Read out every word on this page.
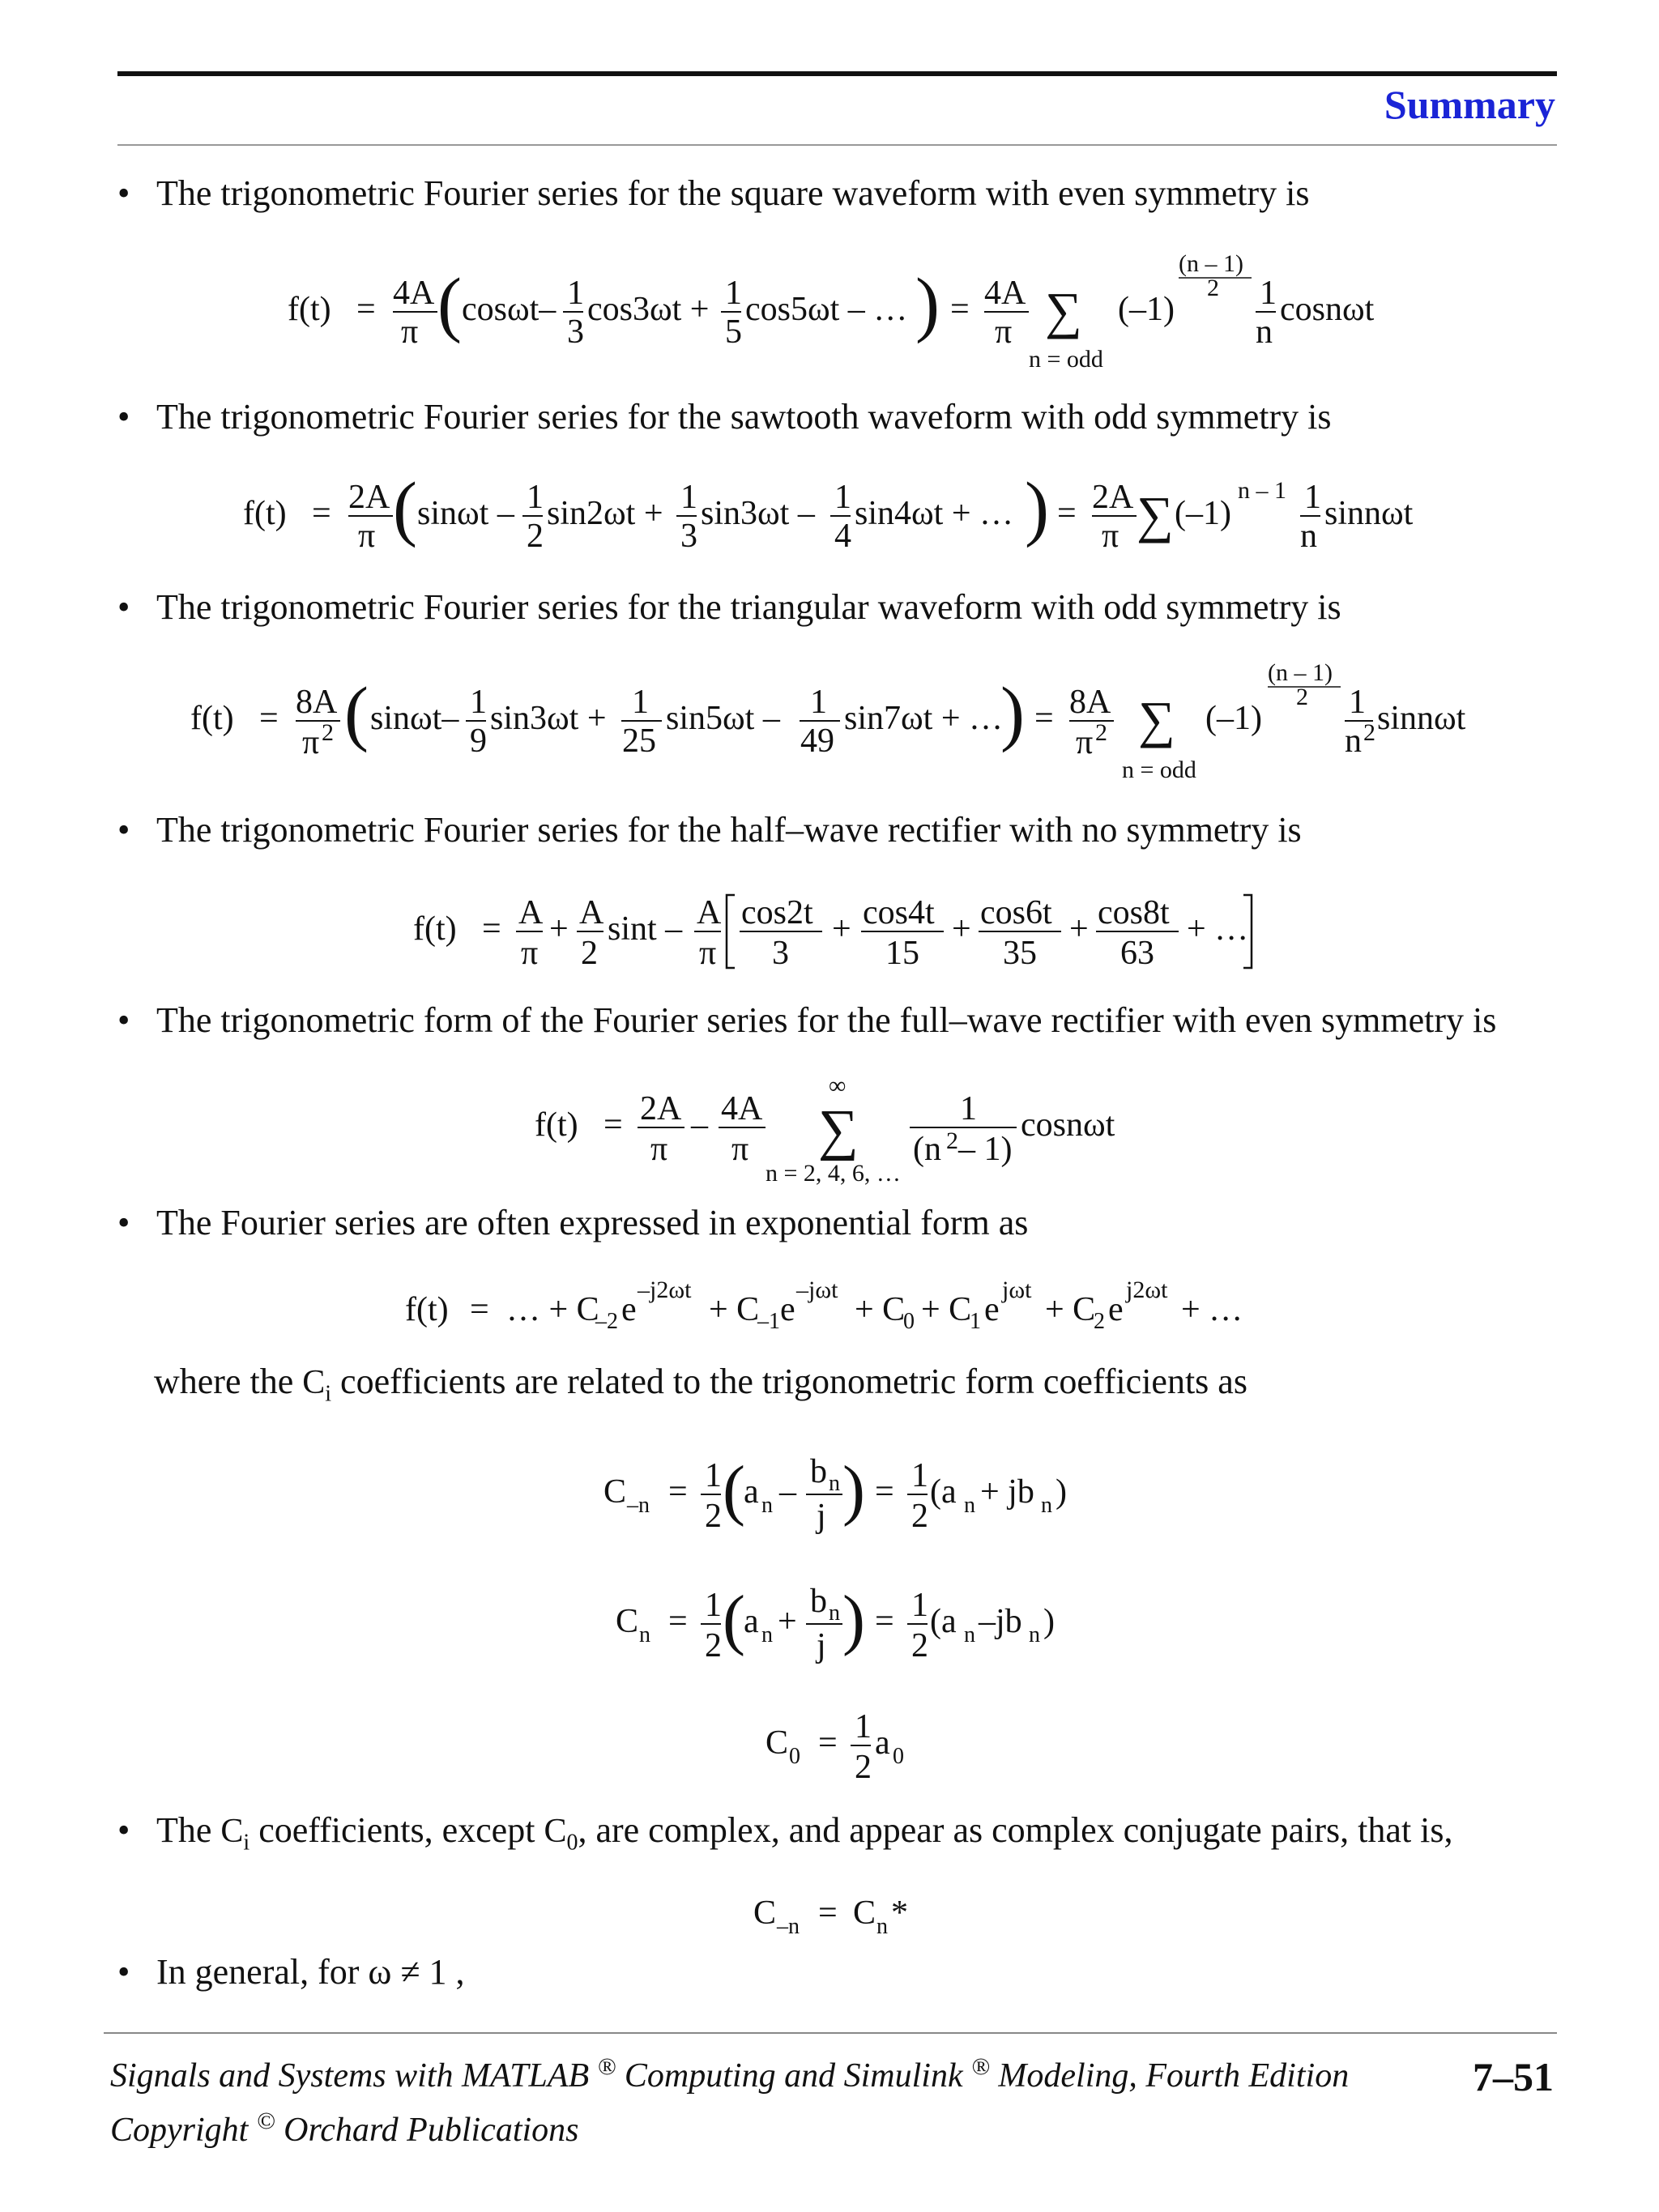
Summary
• The trigonometric Fourier series for the square waveform with even symmetry is
f(t) = 4A
π ( cosωt– 1
3
cos3ωt + 1
5
cos5ωt – … ) = 4A
π ∑
n = odd
(–1)
(n – 1)
2 1
n
cosnωt
• The trigonometric Fourier series for the sawtooth waveform with odd symmetry is
f(t) = 2A
π ( sinωt – 1
2
sin2ωt + 1
3
sin3ωt – 1
4
sin4ωt + … ) = 2A
π ∑ (–1)
n – 1 1
n
sinnωt
• The trigonometric Fourier series for the triangular waveform with odd symmetry is
f(t) = 8A
π 2 ( sinωt– 1
9
sin3ωt + 1
25
sin5ωt – 1
49
sin7ωt + …
) = 8A
π 2 ∑
n = odd
(–1)
(n – 1)
2 1
n 2 sinnωt
• The trigonometric Fourier series for the half–wave rectifier with no symmetry is
f(t) = A
π
+ A
2
sint – A
π
cos2t
3
+ cos4t
15
+ cos6t
35
+ cos8t
63
+ …
• The trigonometric form of the Fourier series for the full–wave rectifier with even symmetry is
f(t) = 2A
π
– 4A
π
∞
∑
n = 2, 4, 6, …
1
(n 2 – 1)
cosnωt
• The Fourier series are often expressed in exponential form as
f(t) = … + C
–2 e
–j2ωt
+ C
–1 e
–jωt
+ C
0 + C
1 e
jωt
+ C
2 e
j2ωt
+ …
where the $C_i$ coefficients are related to the trigonometric form coefficients as
C –n = 1
2 (
a n –
b n
j ) = 1
2
(a n + jb n )
C n = 1
2 (
a n +
b n
j ) = 1
2
(a n –jb n )
C 0 = 1
2
a 0
• The $C_i$ coefficients, except $C_0$, are complex, and appear as complex conjugate pairs, that is,
C –n = C n *
• In general, for ω ≠ 1 ,
Signals and Systems with MATLAB ® Computing and Simulink ® Modeling, Fourth Edition
Copyright © Orchard Publications
7–51
